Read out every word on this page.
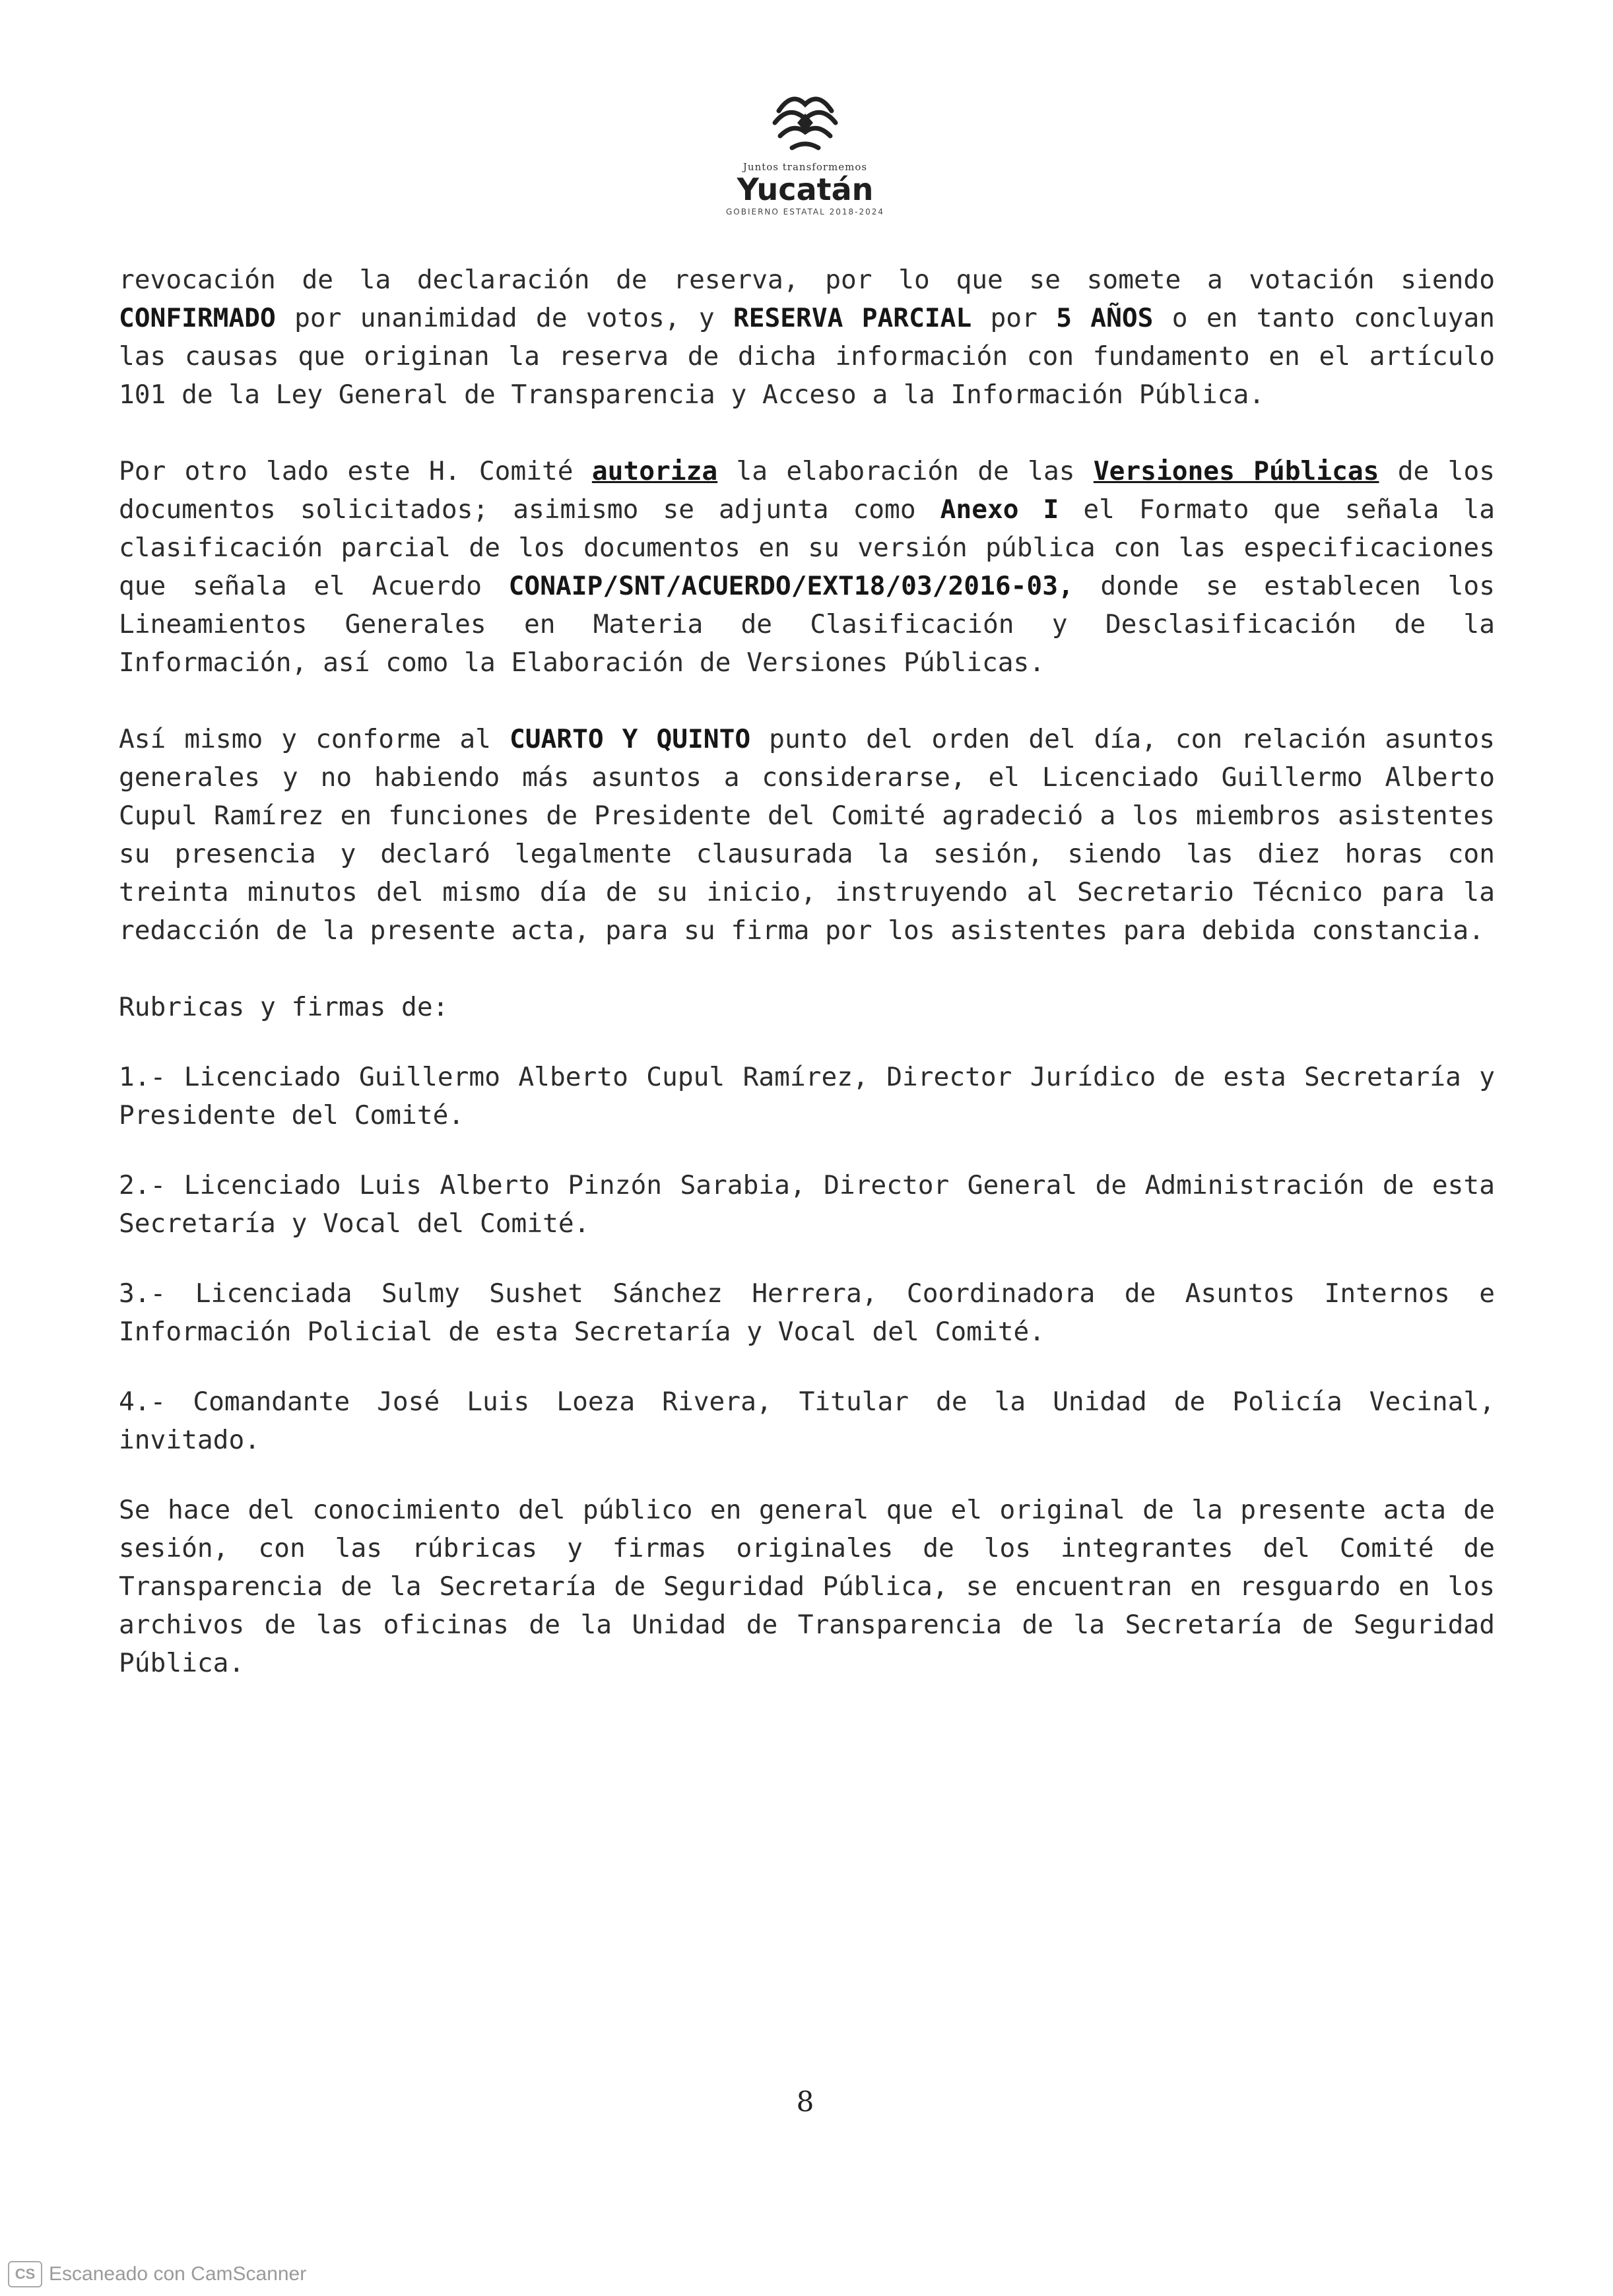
Juntos transformemos
Yucatán
GOBIERNO ESTATAL 2018-2024

revocación de la declaración de reserva, por lo que se somete a votación siendo CONFIRMADO por unanimidad de votos, y RESERVA PARCIAL por 5 AÑOS o en tanto concluyan las causas que originan la reserva de dicha información con fundamento en el artículo 101 de la Ley General de Transparencia y Acceso a la Información Pública.

Por otro lado este H. Comité autoriza la elaboración de las Versiones Públicas de los documentos solicitados; asimismo se adjunta como Anexo I el Formato que señala la clasificación parcial de los documentos en su versión pública con las especificaciones que señala el Acuerdo CONAIP/SNT/ACUERDO/EXT18/03/2016-03, donde se establecen los Lineamientos Generales en Materia de Clasificación y Desclasificación de la Información, así como la Elaboración de Versiones Públicas.

Así mismo y conforme al CUARTO Y QUINTO punto del orden del día, con relación asuntos generales y no habiendo más asuntos a considerarse, el Licenciado Guillermo Alberto Cupul Ramírez en funciones de Presidente del Comité agradeció a los miembros asistentes su presencia y declaró legalmente clausurada la sesión, siendo las diez horas con treinta minutos del mismo día de su inicio, instruyendo al Secretario Técnico para la redacción de la presente acta, para su firma por los asistentes para debida constancia.

Rubricas y firmas de:

1.- Licenciado Guillermo Alberto Cupul Ramírez, Director Jurídico de esta Secretaría y Presidente del Comité.

2.- Licenciado Luis Alberto Pinzón Sarabia, Director General de Administración de esta Secretaría y Vocal del Comité.

3.- Licenciada Sulmy Sushet Sánchez Herrera, Coordinadora de Asuntos Internos e Información Policial de esta Secretaría y Vocal del Comité.

4.- Comandante José Luis Loeza Rivera, Titular de la Unidad de Policía Vecinal, invitado.

Se hace del conocimiento del público en general que el original de la presente acta de sesión, con las rúbricas y firmas originales de los integrantes del Comité de Transparencia de la Secretaría de Seguridad Pública, se encuentran en resguardo en los archivos de las oficinas de la Unidad de Transparencia de la Secretaría de Seguridad Pública.

8
CS Escaneado con CamScanner
